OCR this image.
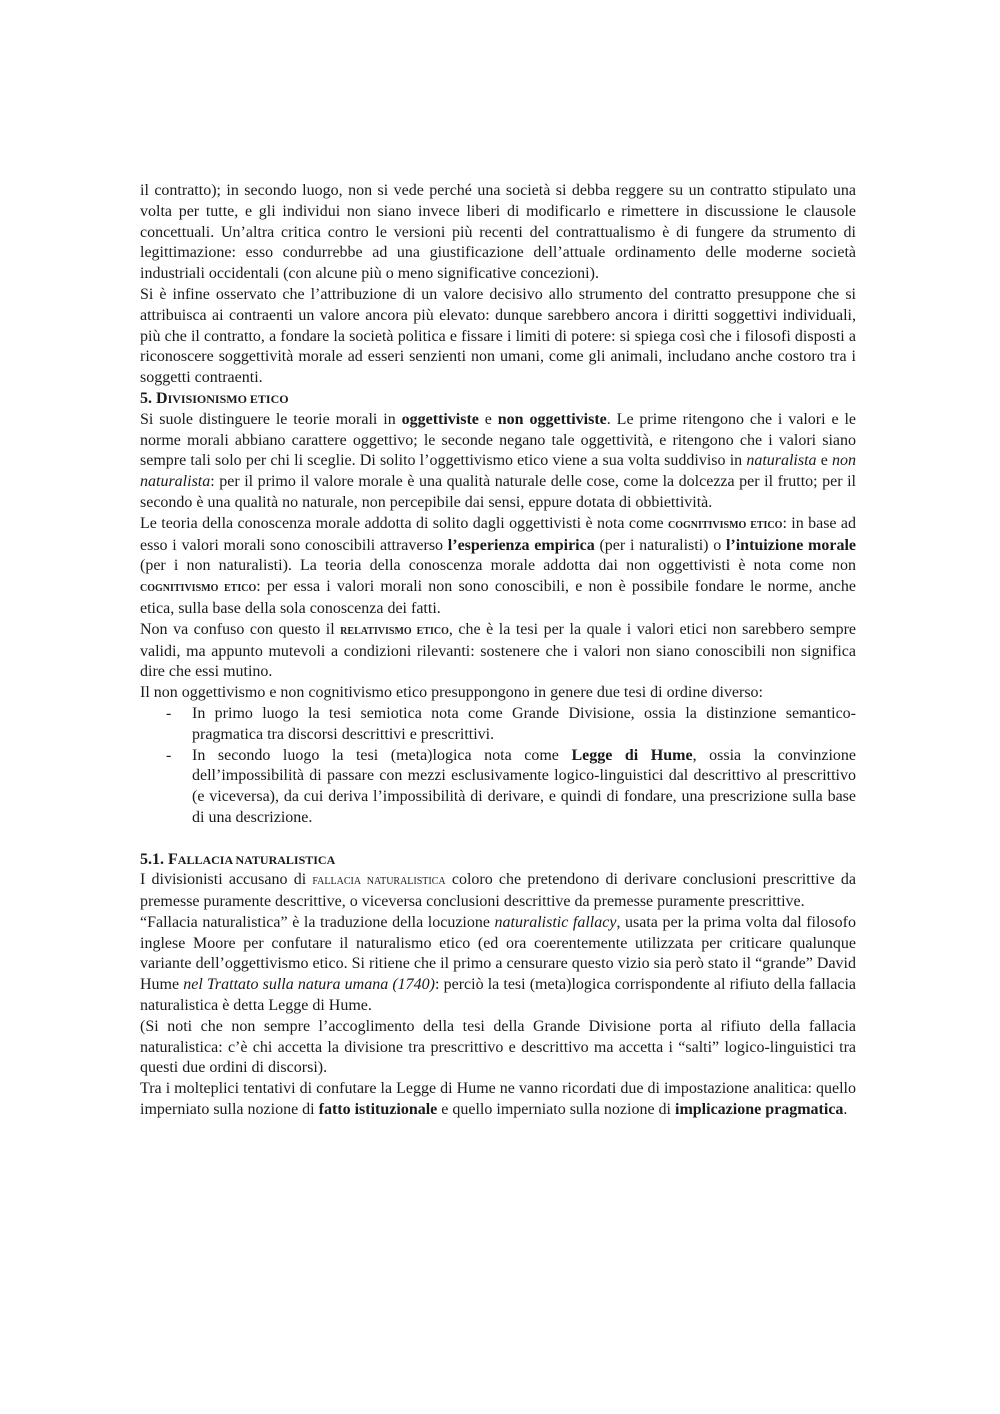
il contratto); in secondo luogo, non si vede perché una società si debba reggere su un contratto stipulato una volta per tutte, e gli individui non siano invece liberi di modificarlo e rimettere in discussione le clausole concettuali. Un’altra critica contro le versioni più recenti del contrattualismo è di fungere da strumento di legittimazione: esso condurrebbe ad una giustificazione dell’attuale ordinamento delle moderne società industriali occidentali (con alcune più o meno significative concezioni).

Si è infine osservato che l’attribuzione di un valore decisivo allo strumento del contratto presuppone che si attribuisca ai contraenti un valore ancora più elevato: dunque sarebbero ancora i diritti soggettivi individuali, più che il contratto, a fondare la società politica e fissare i limiti di potere: si spiega così che i filosofi disposti a riconoscere soggettività morale ad esseri senzienti non umani, come gli animali, includano anche costoro tra i soggetti contraenti.

5. DIVISIONISMO ETICO

Si suole distinguere le teorie morali in oggettiviste e non oggettiviste. Le prime ritengono che i valori e le norme morali abbiano carattere oggettivo; le seconde negano tale oggettività, e ritengono che i valori siano sempre tali solo per chi li sceglie. Di solito l’oggettivismo etico viene a sua volta suddiviso in naturalista e non naturalista: per il primo il valore morale è una qualità naturale delle cose, come la dolcezza per il frutto; per il secondo è una qualità no naturale, non percepibile dai sensi, eppure dotata di obbiettività.

Le teoria della conoscenza morale addotta di solito dagli oggettivisti è nota come cognitivismo etico: in base ad esso i valori morali sono conoscibili attraverso l’esperienza empirica (per i naturalisti) o l’intuizione morale (per i non naturalisti). La teoria della conoscenza morale addotta dai non oggettivisti è nota come non cognitivismo etico: per essa i valori morali non sono conoscibili, e non è possibile fondare le norme, anche etica, sulla base della sola conoscenza dei fatti.

Non va confuso con questo il relativismo etico, che è la tesi per la quale i valori etici non sarebbero sempre validi, ma appunto mutevoli a condizioni rilevanti: sostenere che i valori non siano conoscibili non significa dire che essi mutino.

Il non oggettivismo e non cognitivismo etico presuppongono in genere due tesi di ordine diverso:

- In primo luogo la tesi semiotica nota come Grande Divisione, ossia la distinzione semantico-pragmatica tra discorsi descrittivi e prescrittivi.
- In secondo luogo la tesi (meta)logica nota come Legge di Hume, ossia la convinzione dell’impossibilità di passare con mezzi esclusivamente logico-linguistici dal descrittivo al prescrittivo (e viceversa), da cui deriva l’impossibilità di derivare, e quindi di fondare, una prescrizione sulla base di una descrizione.

5.1. FALLACIA NATURALISTICA

I divisionisti accusano di fallacia naturalistica coloro che pretendono di derivare conclusioni prescrittive da premesse puramente descrittive, o viceversa conclusioni descrittive da premesse puramente prescrittive.

“Fallacia naturalistica” è la traduzione della locuzione naturalistic fallacy, usata per la prima volta dal filosofo inglese Moore per confutare il naturalismo etico (ed ora coerentemente utilizzata per criticare qualunque variante dell’oggettivismo etico. Si ritiene che il primo a censurare questo vizio sia però stato il “grande” David Hume nel Trattato sulla natura umana (1740): perciò la tesi (meta)logica corrispondente al rifiuto della fallacia naturalistica è detta Legge di Hume.

(Si noti che non sempre l’accoglimento della tesi della Grande Divisione porta al rifiuto della fallacia naturalistica: c’è chi accetta la divisione tra prescrittivo e descrittivo ma accetta i “salti” logico-linguistici tra questi due ordini di discorsi).

Tra i molteplici tentativi di confutare la Legge di Hume ne vanno ricordati due di impostazione analitica: quello imperniato sulla nozione di fatto istituzionale e quello imperniato sulla nozione di implicazione pragmatica.
